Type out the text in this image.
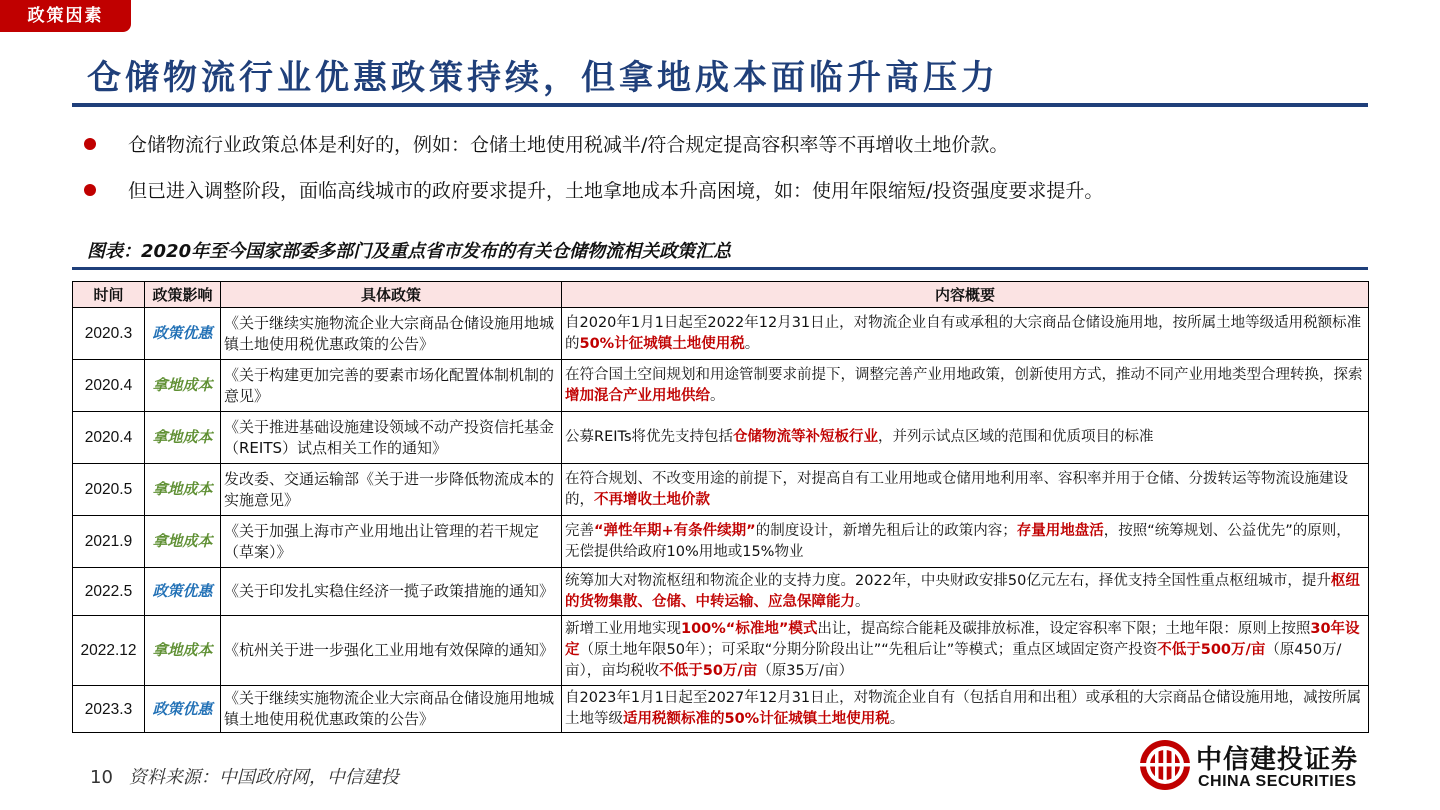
政策因素
仓储物流行业优惠政策持续，但拿地成本面临升高压力
仓储物流行业政策总体是利好的，例如：仓储土地使用税减半/符合规定提高容积率等不再增收土地价款。
但已进入调整阶段，面临高线城市的政府要求提升，土地拿地成本升高困境，如：使用年限缩短/投资强度要求提升。
图表：2020年至今国家部委多部门及重点省市发布的有关仓储物流相关政策汇总
时间	政策影响	具体政策	内容概要
2020.3	政策优惠	《关于继续实施物流企业大宗商品仓储设施用地城镇土地使用税优惠政策的公告》	自2020年1月1日起至2022年12月31日止，对物流企业自有或承租的大宗商品仓储设施用地，按所属土地等级适用税额标准的50%计征城镇土地使用税。
2020.4	拿地成本	《关于构建更加完善的要素市场化配置体制机制的意见》	在符合国土空间规划和用途管制要求前提下，调整完善产业用地政策，创新使用方式，推动不同产业用地类型合理转换，探索增加混合产业用地供给。
2020.4	拿地成本	《关于推进基础设施建设领域不动产投资信托基金（REITS）试点相关工作的通知》	公募REITs将优先支持包括仓储物流等补短板行业，并列示试点区域的范围和优质项目的标准
2020.5	拿地成本	发改委、交通运输部《关于进一步降低物流成本的实施意见》	在符合规划、不改变用途的前提下，对提高自有工业用地或仓储用地利用率、容积率并用于仓储、分拨转运等物流设施建设的，不再增收土地价款
2021.9	拿地成本	《关于加强上海市产业用地出让管理的若干规定（草案）》	完善“弹性年期+有条件续期”的制度设计，新增先租后让的政策内容；存量用地盘活，按照“统筹规划、公益优先”的原则，无偿提供给政府10%用地或15%物业
2022.5	政策优惠	《关于印发扎实稳住经济一揽子政策措施的通知》	统筹加大对物流枢纽和物流企业的支持力度。2022年，中央财政安排50亿元左右，择优支持全国性重点枢纽城市，提升枢纽的货物集散、仓储、中转运输、应急保障能力。
2022.12	拿地成本	《杭州关于进一步强化工业用地有效保障的通知》	新增工业用地实现100%“标准地”模式出让，提高综合能耗及碳排放标准，设定容积率下限；土地年限：原则上按照30年设定（原土地年限50年）；可采取“分期分阶段出让”“先租后让”等模式；重点区域固定资产投资不低于500万/亩（原450万/亩），亩均税收不低于50万/亩（原35万/亩）
2023.3	政策优惠	《关于继续实施物流企业大宗商品仓储设施用地城镇土地使用税优惠政策的公告》	自2023年1月1日起至2027年12月31日止，对物流企业自有（包括自用和出租）或承租的大宗商品仓储设施用地，减按所属土地等级适用税额标准的50%计征城镇土地使用税。
10 资料来源：中国政府网，中信建投
中信建投证券
CHINA SECURITIES
